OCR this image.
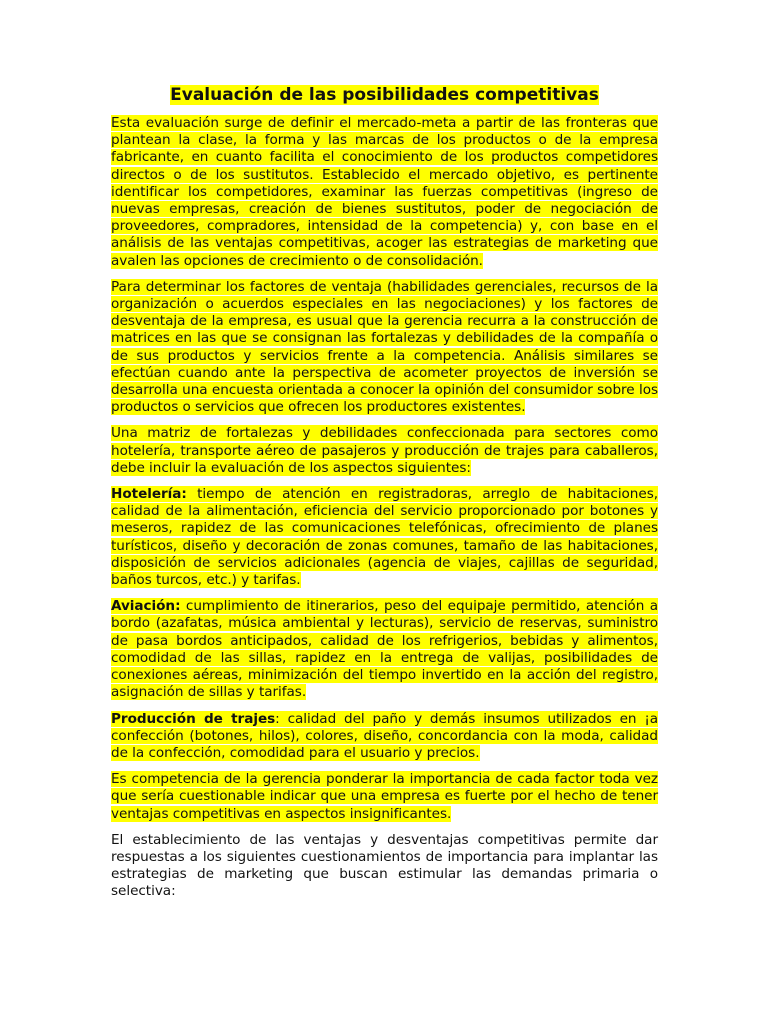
Evaluación de las posibilidades competitivas

Esta evaluación surge de definir el mercado-meta a partir de las fronteras que plantean la clase, la forma y las marcas de los productos o de la empresa fabricante, en cuanto facilita el conocimiento de los productos competidores directos o de los sustitutos. Establecido el mercado objetivo, es pertinente identificar los competidores, examinar las fuerzas competitivas (ingreso de nuevas empresas, creación de bienes sustitutos, poder de negociación de proveedores, compradores, intensidad de la competencia) y, con base en el análisis de las ventajas competitivas, acoger las estrategias de marketing que avalen las opciones de crecimiento o de consolidación.

Para determinar los factores de ventaja (habilidades gerenciales, recursos de la organización o acuerdos especiales en las negociaciones) y los factores de desventaja de la empresa, es usual que la gerencia recurra a la construcción de matrices en las que se consignan las fortalezas y debilidades de la compañía o de sus productos y servicios frente a la competencia. Análisis similares se efectúan cuando ante la perspectiva de acometer proyectos de inversión se desarrolla una encuesta orientada a conocer la opinión del consumidor sobre los productos o servicios que ofrecen los productores existentes.

Una matriz de fortalezas y debilidades confeccionada para sectores como hotelería, transporte aéreo de pasajeros y producción de trajes para caballeros, debe incluir la evaluación de los aspectos siguientes:

Hotelería: tiempo de atención en registradoras, arreglo de habitaciones, calidad de la alimentación, eficiencia del servicio proporcionado por botones y meseros, rapidez de las comunicaciones telefónicas, ofrecimiento de planes turísticos, diseño y decoración de zonas comunes, tamaño de las habitaciones, disposición de servicios adicionales (agencia de viajes, cajillas de seguridad, baños turcos, etc.) y tarifas.

Aviación: cumplimiento de itinerarios, peso del equipaje permitido, atención a bordo (azafatas, música ambiental y lecturas), servicio de reservas, suministro de pasa bordos anticipados, calidad de los refrigerios, bebidas y alimentos, comodidad de las sillas, rapidez en la entrega de valijas, posibilidades de conexiones aéreas, minimización del tiempo invertido en la acción del registro, asignación de sillas y tarifas.

Producción de trajes: calidad del paño y demás insumos utilizados en ¡a confección (botones, hilos), colores, diseño, concordancia con la moda, calidad de la confección, comodidad para el usuario y precios.

Es competencia de la gerencia ponderar la importancia de cada factor toda vez que sería cuestionable indicar que una empresa es fuerte por el hecho de tener ventajas competitivas en aspectos insignificantes.

El establecimiento de las ventajas y desventajas competitivas permite dar respuestas a los siguientes cuestionamientos de importancia para implantar las estrategias de marketing que buscan estimular las demandas primaria o selectiva:
